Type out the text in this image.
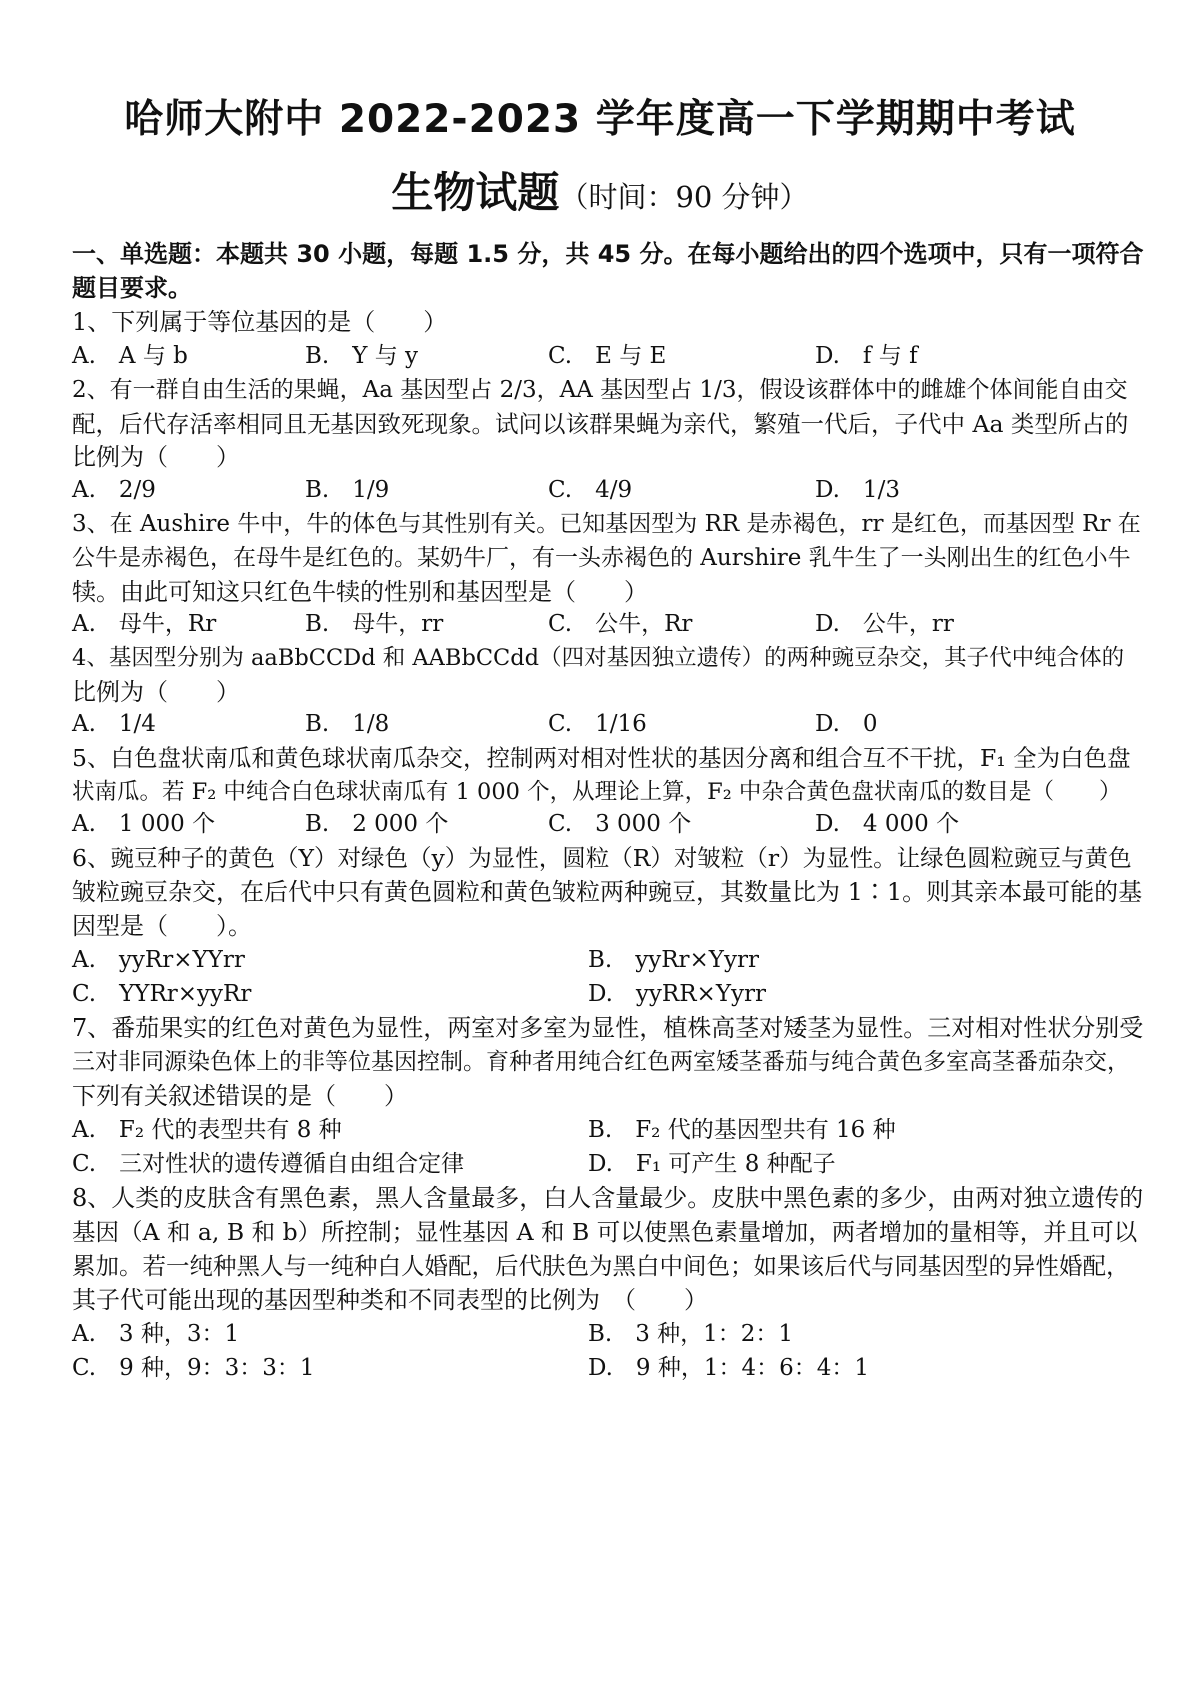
哈师大附中 2022-2023 学年度高一下学期期中考试
生物试题（时间：90 分钟）
一、单选题：本题共 30 小题，每题 1.5 分，共 45 分。在每小题给出的四个选项中，只有一项符合
题目要求。
1、下列属于等位基因的是（　　）
A.　A 与 b	B.　Y 与 y	C.　E 与 E	D.　f 与 f
2、有一群自由生活的果蝇，Aa 基因型占 2/3，AA 基因型占 1/3，假设该群体中的雌雄个体间能自由交
配，后代存活率相同且无基因致死现象。试问以该群果蝇为亲代，繁殖一代后，子代中 Aa 类型所占的
比例为（　　）
A.　2/9	B.　1/9	C.　4/9	D.　1/3
3、在 Aushire 牛中，牛的体色与其性别有关。已知基因型为 RR 是赤褐色，rr 是红色，而基因型 Rr 在
公牛是赤褐色，在母牛是红色的。某奶牛厂，有一头赤褐色的 Aurshire 乳牛生了一头刚出生的红色小牛
犊。由此可知这只红色牛犊的性别和基因型是（　　）
A.　母牛，Rr	B.　母牛，rr	C.　公牛，Rr	D.　公牛，rr
4、基因型分别为 aaBbCCDd 和 AABbCCdd（四对基因独立遗传）的两种豌豆杂交，其子代中纯合体的
比例为（　　）
A.　1/4	B.　1/8	C.　1/16	D.　0
5、白色盘状南瓜和黄色球状南瓜杂交，控制两对相对性状的基因分离和组合互不干扰，F₁ 全为白色盘
状南瓜。若 F₂ 中纯合白色球状南瓜有 1 000 个，从理论上算，F₂ 中杂合黄色盘状南瓜的数目是（　　）
A.　1 000 个	B.　2 000 个	C.　3 000 个	D.　4 000 个
6、豌豆种子的黄色（Y）对绿色（y）为显性，圆粒（R）对皱粒（r）为显性。让绿色圆粒豌豆与黄色
皱粒豌豆杂交，在后代中只有黄色圆粒和黄色皱粒两种豌豆，其数量比为 1∶1。则其亲本最可能的基
因型是（　　）。
A.　yyRr×YYrr	B.　yyRr×Yyrr
C.　YYRr×yyRr	D.　yyRR×Yyrr
7、番茄果实的红色对黄色为显性，两室对多室为显性，植株高茎对矮茎为显性。三对相对性状分别受
三对非同源染色体上的非等位基因控制。育种者用纯合红色两室矮茎番茄与纯合黄色多室高茎番茄杂交，
下列有关叙述错误的是（　　）
A.　F₂ 代的表型共有 8 种	B.　F₂ 代的基因型共有 16 种
C.　三对性状的遗传遵循自由组合定律	D.　F₁ 可产生 8 种配子
8、人类的皮肤含有黑色素，黑人含量最多，白人含量最少。皮肤中黑色素的多少，由两对独立遗传的
基因（A 和 a, B 和 b）所控制；显性基因 A 和 B 可以使黑色素量增加，两者增加的量相等，并且可以
累加。若一纯种黑人与一纯种白人婚配，后代肤色为黑白中间色；如果该后代与同基因型的异性婚配，
其子代可能出现的基因型种类和不同表型的比例为　（　　）
A.　3 种，3：1	B.　3 种，1：2：1
C.　9 种，9：3：3：1	D.　9 种，1：4：6：4：1
